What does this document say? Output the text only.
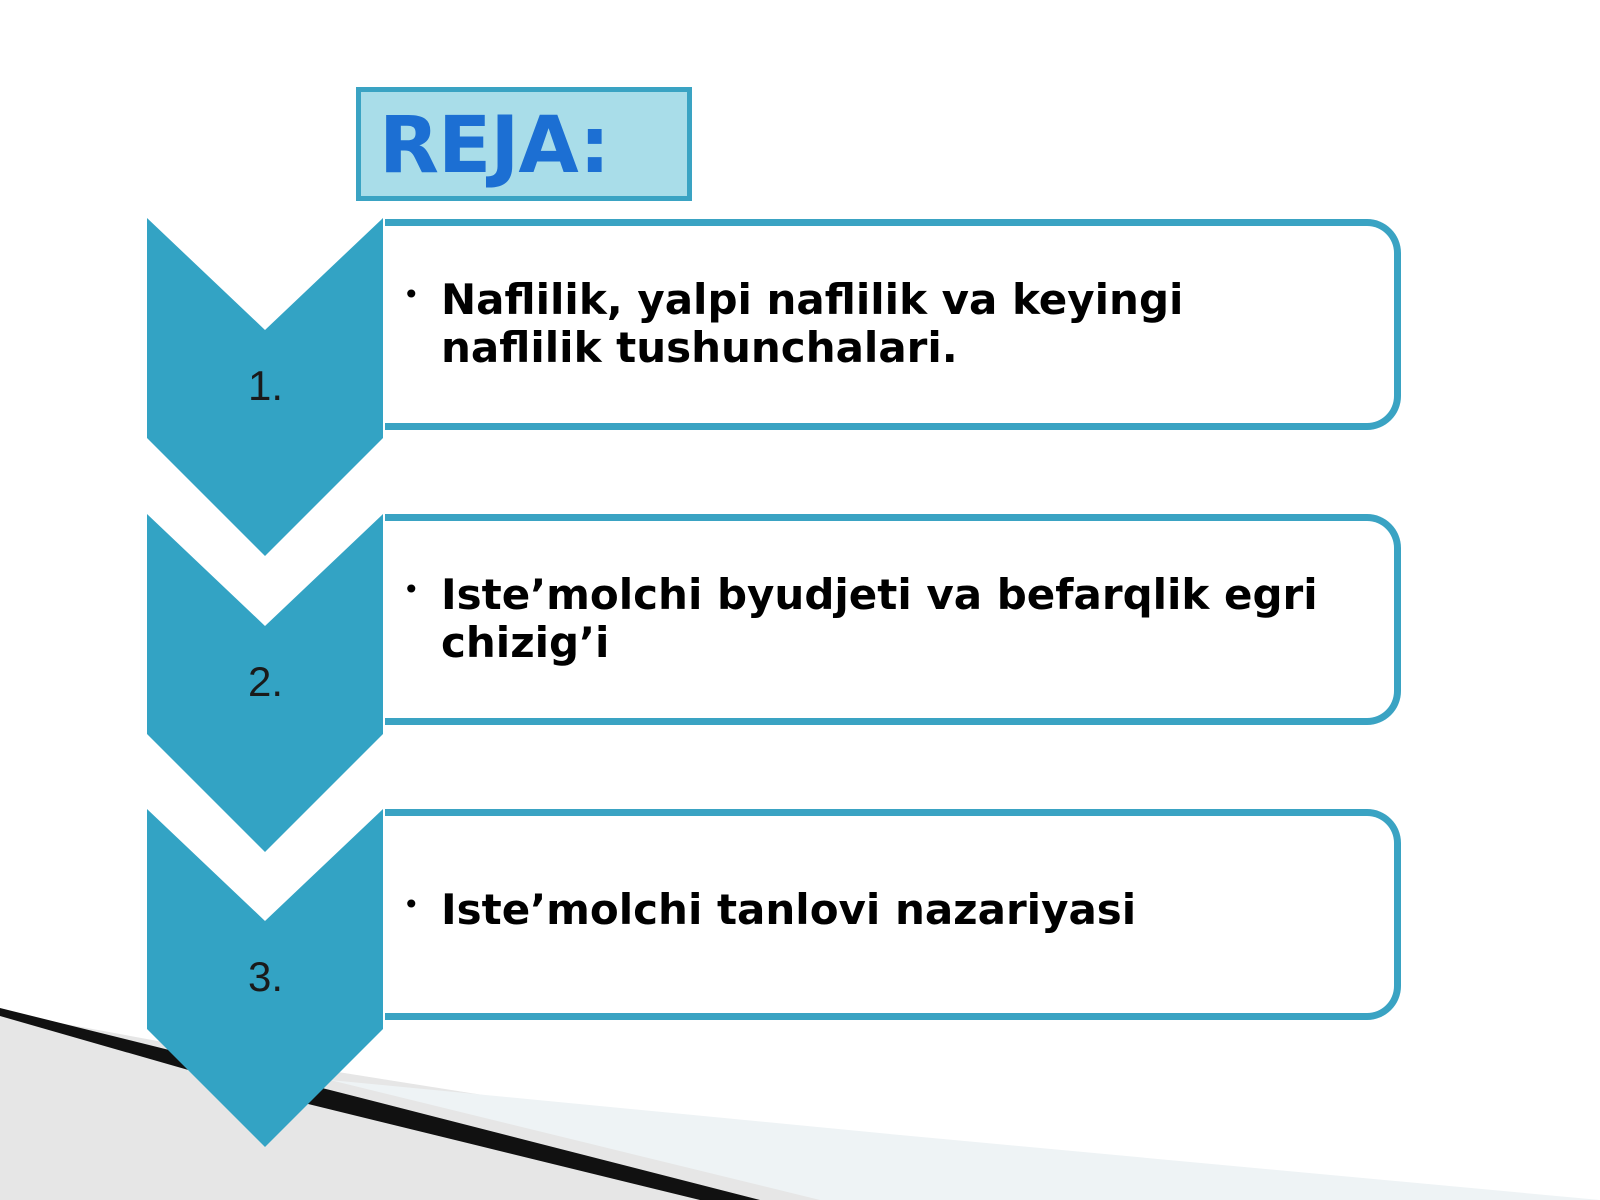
REJA:
1.
• Naflilik, yalpi naflilik va keyingi naflilik tushunchalari.
2.
• Iste’molchi byudjeti va befarqlik egri chizig’i
3.
• Iste’molchi tanlovi nazariyasi
